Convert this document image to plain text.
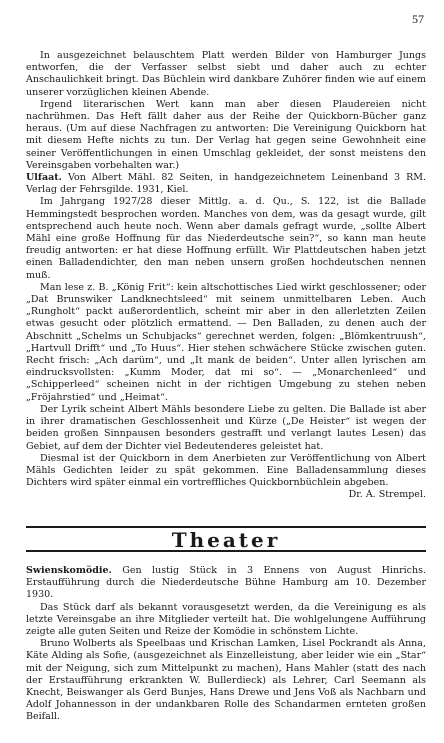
57

In ausgezeichnet belauschtem Platt werden Bilder von Hamburger Jungs entworfen, die der Verfasser selbst siebt und daher auch zu echter Anschaulichkeit bringt. Das Büchlein wird dankbare Zuhörer finden wie auf einem unserer vorzüglichen kleinen Abende.

Irgend literarischen Wert kann man aber diesen Plaudereien nicht nachrühmen. Das Heft fällt daher aus der Reihe der Quickborn-Bücher ganz heraus. (Um auf diese Nachfragen zu antworten: Die Vereinigung Quickborn hat mit diesem Hefte nichts zu tun. Der Verlag hat gegen seine Gewohnheit eine seiner Veröffentlichungen in einen Umschlag gekleidet, der sonst meistens den Vereinsgaben vorbehalten war.)

Ulfaat. Von Albert Mähl. 82 Seiten, in handgezeichnetem Leinenband 3 RM. Verlag der Fehrsgilde. 1931, Kiel.

Im Jahrgang 1927/28 dieser Mittlg. a. d. Qu., S. 122, ist die Ballade Hemmingstedt besprochen worden. Manches von dem, was da gesagt wurde, gilt entsprechend auch heute noch. Wenn aber damals gefragt wurde, „sollte Albert Mähl eine große Hoffnung für das Niederdeutsche sein?“, so kann man heute freudig antworten: er hat diese Hoffnung erfüllt. Wir Plattdeutschen haben jetzt einen Balladendichter, den man neben unsern großen hochdeutschen nennen muß.

Man lese z. B. „König Frit“: kein altschottisches Lied wirkt geschlossener; oder „Dat Brunswiker Landknechtsleed“ mit seinem unmittelbaren Leben. Auch „Rungholt“ packt außerordentlich, scheint mir aber in den allerletzten Zeilen etwas gesucht oder plötzlich ermattend. — Den Balladen, zu denen auch der Abschnitt „Schelms un Schubjacks“ gerechnet werden, folgen: „Blömkentruush“, „Hartvull Drifft“ und „To Huus“. Hier stehen schwächere Stücke zwischen guten. Recht frisch: „Ach darüm“, und „It mank de beiden“. Unter allen lyrischen am eindrucksvollsten: „Kumm Moder, dat mi so“. — „Monarchenleed“ und „Schipperleed“ scheinen nicht in der richtigen Umgebung zu stehen neben „Fröjahrstied“ und „Heimat“.

Der Lyrik scheint Albert Mähls besondere Liebe zu gelten. Die Ballade ist aber in ihrer dramatischen Geschlossenheit und Kürze („De Heister“ ist wegen der beiden großen Sinnpausen besonders gestrafft und verlangt lautes Lesen) das Gebiet, auf dem der Dichter viel Bedeutenderes geleistet hat.

Diesmal ist der Quickborn in dem Anerbieten zur Veröffentlichung von Albert Mähls Gedichten leider zu spät gekommen. Eine Balladensammlung dieses Dichters wird später einmal ein vortreffliches Quickbornbüchlein abgeben.

Dr. A. Strempel.

Theater

Swienskomödie. Gen lustig Stück in 3 Ennens von August Hinrichs. Erstaufführung durch die Niederdeutsche Bühne Hamburg am 10. Dezember 1930.

Das Stück darf als bekannt vorausgesetzt werden, da die Vereinigung es als letzte Vereinsgabe an ihre Mitglieder verteilt hat. Die wohlgelungene Aufführung zeigte alle guten Seiten und Reize der Komödie in schönstem Lichte.

Bruno Wolberts als Speelbaas und Krischan Lamken, Lisel Pockrandt als Anna, Käte Alding als Sofie, (ausgezeichnet als Einzelleistung, aber leider wie ein „Star“ mit der Neigung, sich zum Mittelpunkt zu machen), Hans Mahler (statt des nach der Erstaufführung erkrankten W. Bullerdieck) als Lehrer, Carl Seemann als Knecht, Beiswanger als Gerd Bunjes, Hans Drewe und Jens Voß als Nachbarn und Adolf Johannesson in der undankbaren Rolle des Schandarmen ernteten großen Beifall.
